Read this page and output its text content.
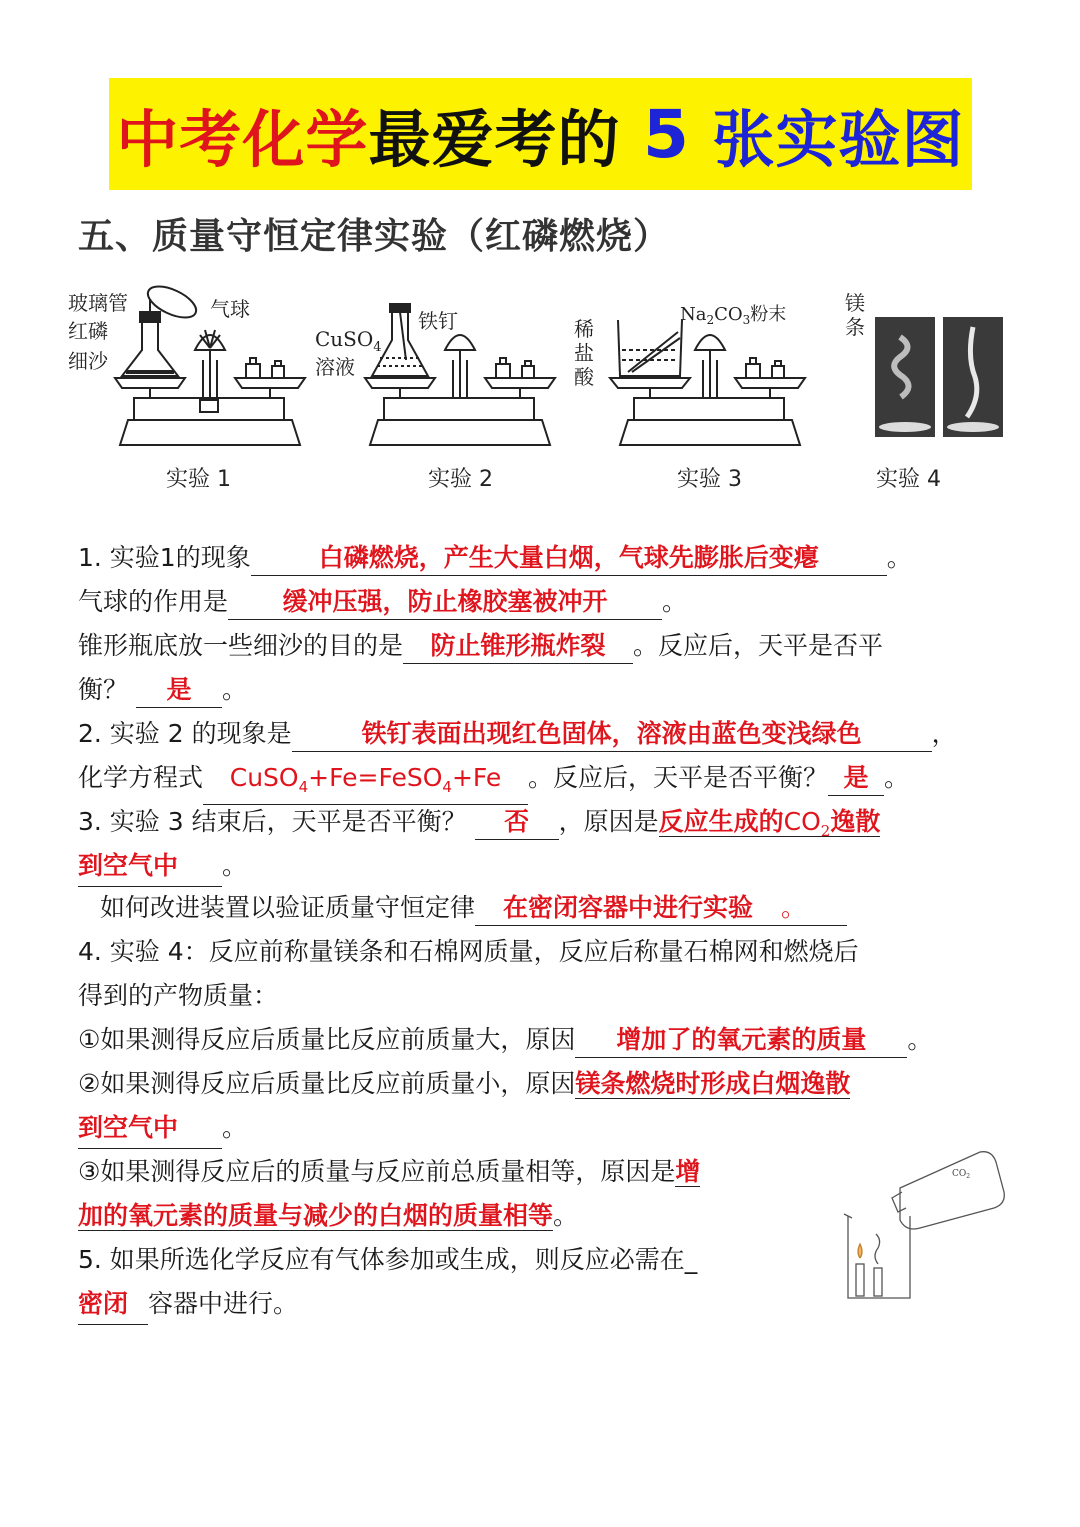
中考化学 最爱考的 5 张实验图
五、质量守恒定律实验（红磷燃烧）
玻璃管	气球
红磷
细沙
CuSO$_4$
溶液
铁钉	稀
盐
酸
$Na_2CO_3$粉末	镁
条
实验 1	实验 2	实验 3	实验 4
1. 实验1的现象	白磷燃烧，产生大量白烟，气球先膨胀后变瘪	。
气球的作用是 缓冲压强，防止橡胶塞被冲开 。
锥形瓶底放一些细沙的目的是 防止锥形瓶炸裂 。反应后，天平是否平
衡？ 是 。
2. 实验 2 的现象是	铁钉表面出现红色固体，溶液由蓝色变浅绿色	，
化学方程式 CuSO$_4$+Fe=FeSO$_4$+Fe 。反应后，天平是否平衡？ 是 。
3. 实验 3 结束后，天平是否平衡？ 否 ，原因是反应生成的$CO_2$逸散
到空气中 。
如何改进装置以验证质量守恒定律 在密闭容器中进行实验 。
4. 实验 4：反应前称量镁条和石棉网质量，反应后称量石棉网和燃烧后
得到的产物质量：
①如果测得反应后质量比反应前质量大，原因 增加了的氧元素的质量 。
②如果测得反应后质量比反应前质量小，原因镁条燃烧时形成白烟逸散
到空气中 。
③如果测得反应后的质量与反应前总质量相等，原因是增
加的氧元素的质量与减少的白烟的质量相等。
5. 如果所选化学反应有气体参加或生成，则反应必需在_
密闭 容器中进行。
$CO_2$
